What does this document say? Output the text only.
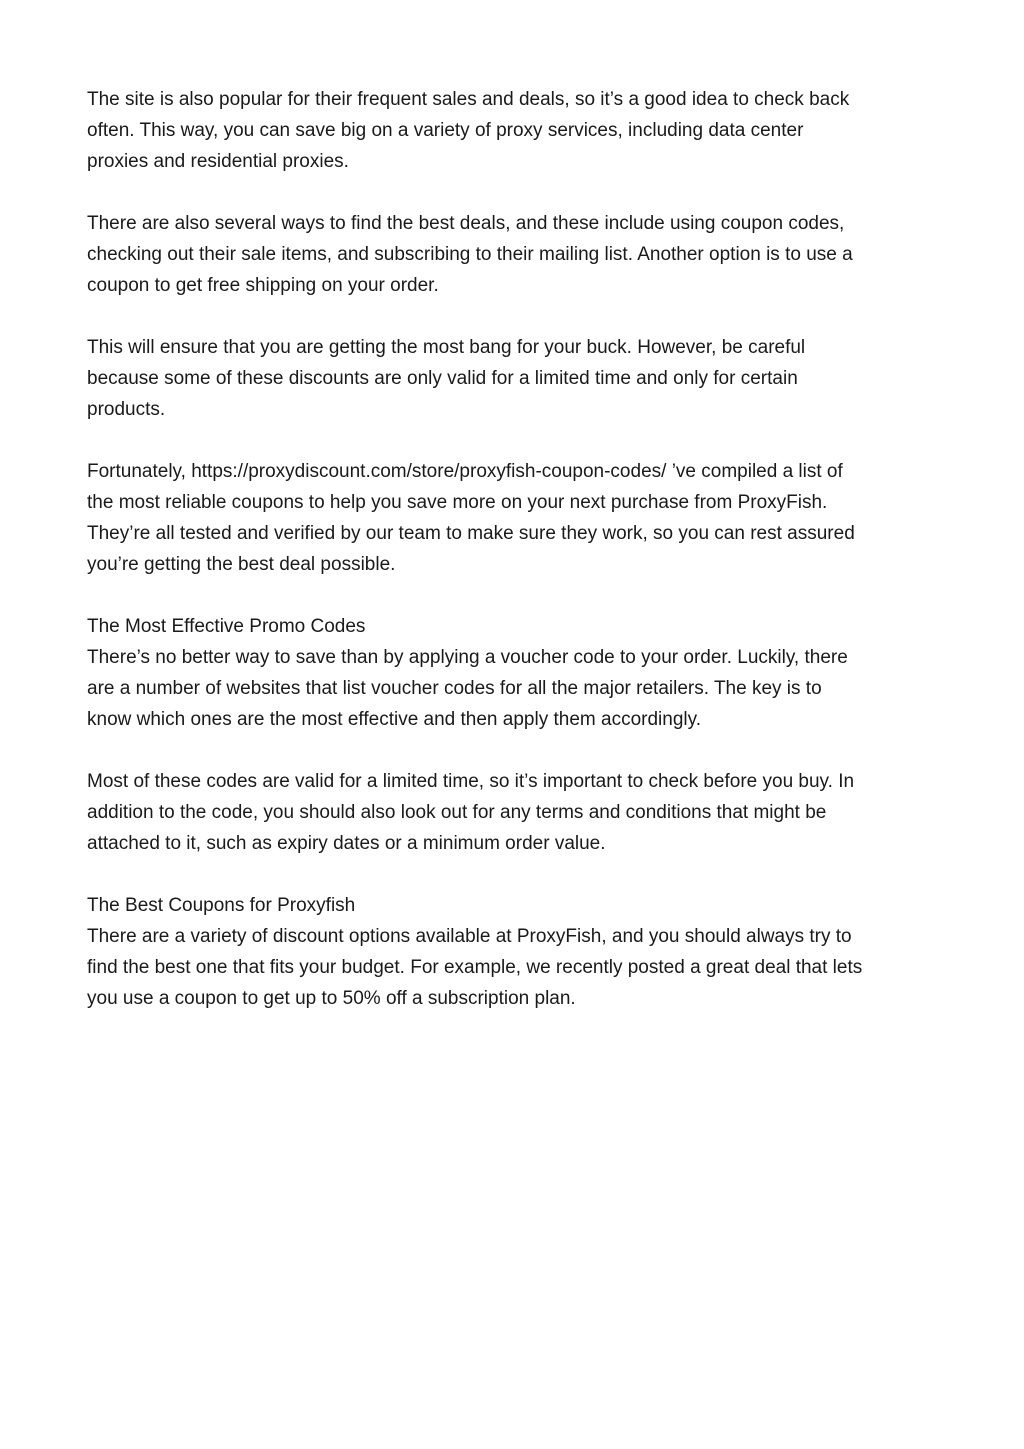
The site is also popular for their frequent sales and deals, so it’s a good idea to check back
often. This way, you can save big on a variety of proxy services, including data center
proxies and residential proxies.

There are also several ways to find the best deals, and these include using coupon codes,
checking out their sale items, and subscribing to their mailing list. Another option is to use a
coupon to get free shipping on your order.

This will ensure that you are getting the most bang for your buck. However, be careful
because some of these discounts are only valid for a limited time and only for certain
products.

Fortunately, https://proxydiscount.com/store/proxyfish-coupon-codes/ ’ve compiled a list of
the most reliable coupons to help you save more on your next purchase from ProxyFish.
They’re all tested and verified by our team to make sure they work, so you can rest assured
you’re getting the best deal possible.

The Most Effective Promo Codes

There’s no better way to save than by applying a voucher code to your order. Luckily, there
are a number of websites that list voucher codes for all the major retailers. The key is to
know which ones are the most effective and then apply them accordingly.

Most of these codes are valid for a limited time, so it’s important to check before you buy. In
addition to the code, you should also look out for any terms and conditions that might be
attached to it, such as expiry dates or a minimum order value.

The Best Coupons for Proxyfish

There are a variety of discount options available at ProxyFish, and you should always try to
find the best one that fits your budget. For example, we recently posted a great deal that lets
you use a coupon to get up to 50% off a subscription plan.
